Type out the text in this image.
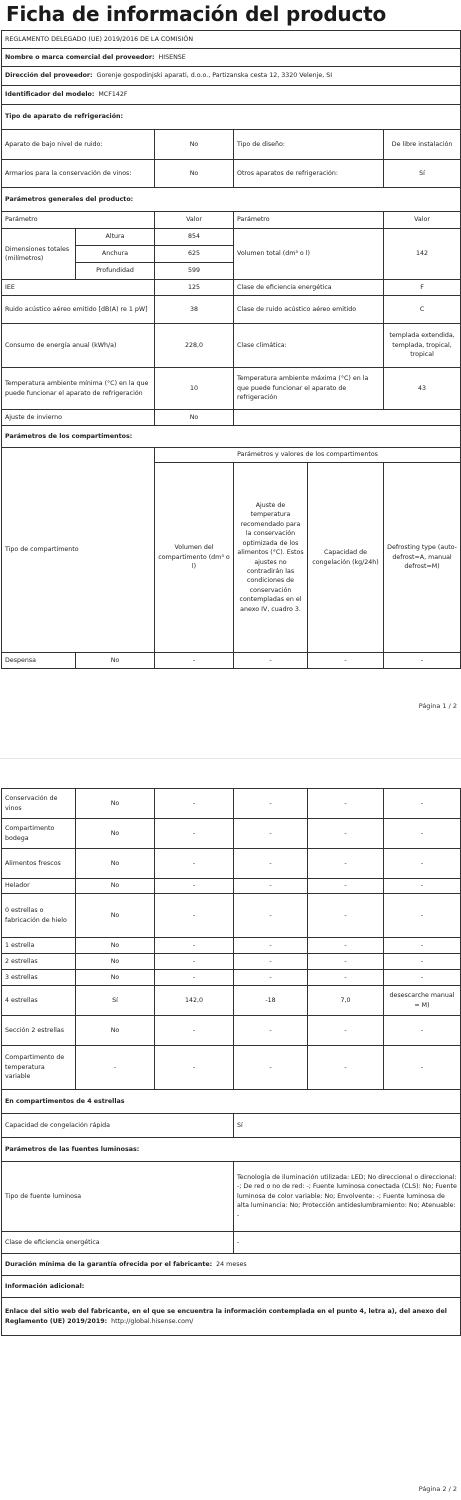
Ficha de información del producto
REGLAMENTO DELEGADO (UE) 2019/2016 DE LA COMISIÓN					
Nombre o marca comercial del proveedor: HISENSE					
Dirección del proveedor: Gorenje gospodinjski aparati, d.o.o., Partizanska cesta 12, 3320 Velenje, SI					
Identificador del modelo: MCF142F					
Tipo de aparato de refrigeración:					
Aparato de bajo nivel de ruido:		No	Tipo de diseño:		De libre instalación
Armarios para la conservación de vinos:		No	Otros aparatos de refrigeración:		Sí
Parámetros generales del producto:					
Parámetro		Valor	Parámetro		Valor
Dimensiones totales (milímetros)	Altura	854	Volumen total (dm³ o l)		142
	Anchura	625			
	Profundidad	599			
IEE		125	Clase de eficiencia energética		F
Ruido acústico aéreo emitido [dB(A) re 1 pW]		38	Clase de ruido acústico aéreo emitido		C
Consumo de energía anual (kWh/a)		228,0	Clase climática:		templada extendida, templada, tropical, tropical
Temperatura ambiente mínima (°C) en la que puede funcionar el aparato de refrigeración		10	Temperatura ambiente máxima (°C) en la que puede funcionar el aparato de refrigeración		43
Ajuste de invierno		No			
Parámetros de los compartimentos:					
Tipo de compartimento		Parámetros y valores de los compartimentos			
		Volumen del compartimento (dm³ o l)	Ajuste de temperatura recomendado para la conservación optimizada de los alimentos (°C). Estos ajustes no contradirán las condiciones de conservación contempladas en el anexo IV, cuadro 3.	Capacidad de congelación (kg/24h)	Defrosting type (auto-defrost=A, manual defrost=M)
Despensa	No	-	-	-	-
Página 1 / 2
Conservación de vinos	No	-	-	-	-
Compartimento bodega	No	-	-	-	-
Alimentos frescos	No	-	-	-	-
Helador	No	-	-	-	-
0 estrellas o fabricación de hielo	No	-	-	-	-
1 estrella	No	-	-	-	-
2 estrellas	No	-	-	-	-
3 estrellas	No	-	-	-	-
4 estrellas	Sí	142,0	-18	7,0	desescarche manual = M)
Sección 2 estrellas	No	-	-	-	-
Compartimento de temperatura variable	-	-	-	-	-
En compartimentos de 4 estrellas					
Capacidad de congelación rápida			Sí		
Parámetros de las fuentes luminosas:					
Tipo de fuente luminosa			Tecnología de iluminación utilizada: LED; No direccional o direccional: -; De red o no de red: -; Fuente luminosa conectada (CLS): No; Fuente luminosa de color variable: No; Envolvente: -; Fuente luminosa de alta luminancia: No; Protección antideslumbramiento: No; Atenuable: -		
Clase de eficiencia energética			-		
Duración mínima de la garantía ofrecida por el fabricante: 24 meses					
Información adicional:					
Enlace del sitio web del fabricante, en el que se encuentra la información contemplada en el punto 4, letra a), del anexo del Reglamento (UE) 2019/2019: http://global.hisense.com/					
Página 2 / 2
